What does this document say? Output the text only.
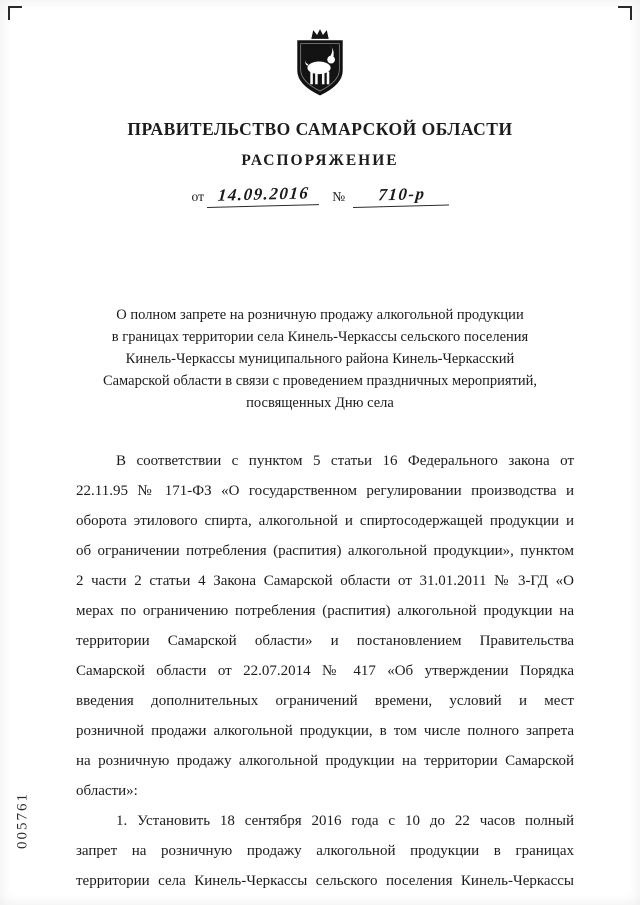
ПРАВИТЕЛЬСТВО САМАРСКОЙ ОБЛАСТИ
РАСПОРЯЖЕНИЕ
от 14.09.2016 № 710-р
О полном запрете на розничную продажу алкогольной продукции
в границах территории села Кинель-Черкассы сельского поселения
Кинель-Черкассы муниципального района Кинель-Черкасский
Самарской области в связи с проведением праздничных мероприятий,
посвященных Дню села

В соответствии с пунктом 5 статьи 16 Федерального закона от 22.11.95 № 171-ФЗ «О государственном регулировании производства и оборота этилового спирта, алкогольной и спиртосодержащей продукции и об ограничении потребления (распития) алкогольной продукции», пунктом 2 части 2 статьи 4 Закона Самарской области от 31.01.2011 № 3-ГД «О мерах по ограничению потребления (распития) алкогольной продукции на территории Самарской области» и постановлением Правительства Самарской области от 22.07.2014 № 417 «Об утверждении Порядка введения дополнительных ограничений времени, условий и мест розничной продажи алкогольной продукции, в том числе полного запрета на розничную продажу алкогольной продукции на территории Самарской области»:

1. Установить 18 сентября 2016 года с 10 до 22 часов полный запрет на розничную продажу алкогольной продукции в границах территории села Кинель-Черкассы сельского поселения Кинель-Черкассы

005761
